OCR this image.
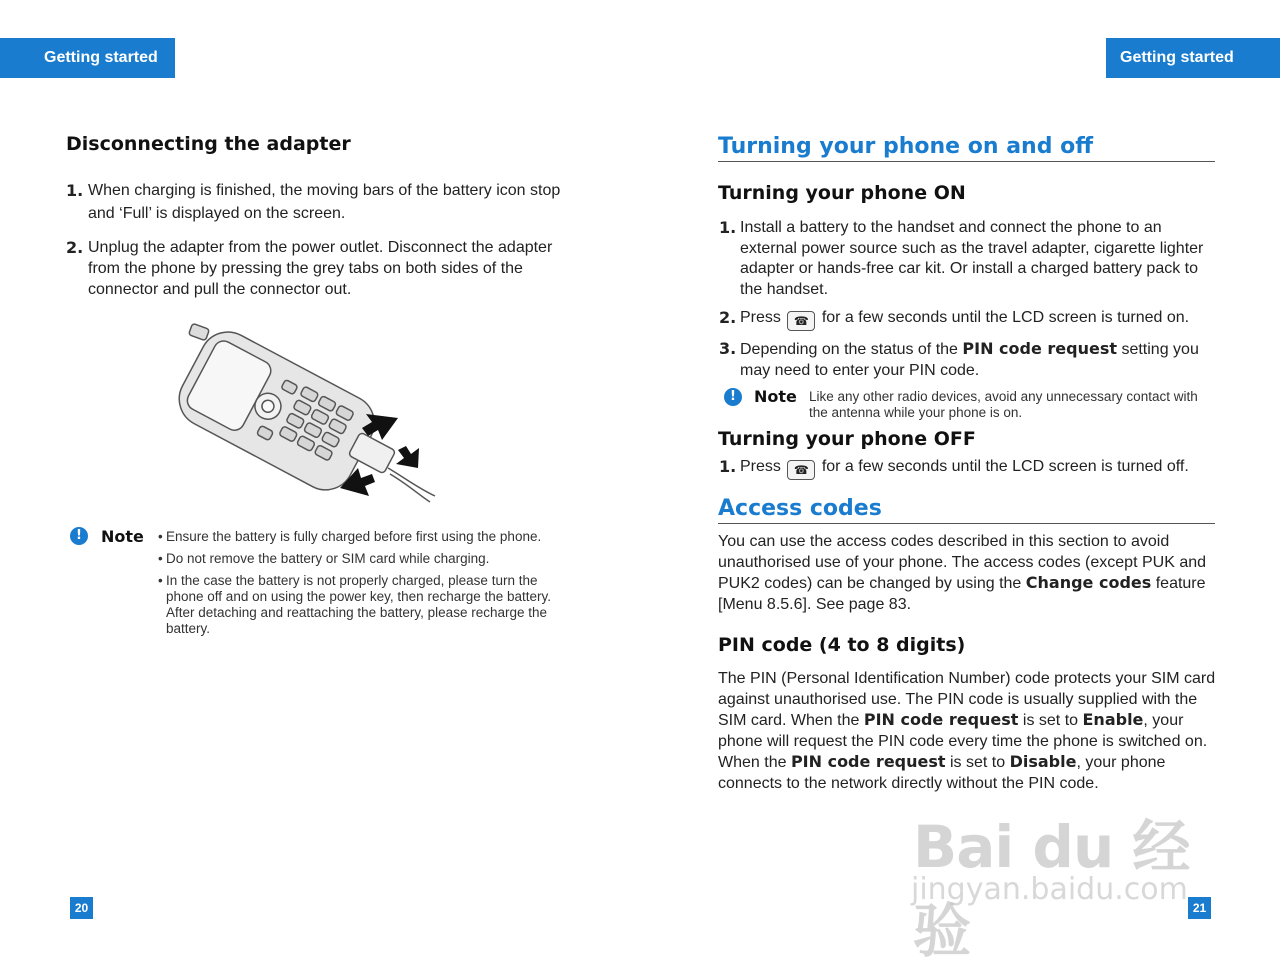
Getting started	Getting started
Disconnecting the adapter
1. When charging is finished, the moving bars of the battery icon stop and ‘Full’ is displayed on the screen.
2. Unplug the adapter from the power outlet. Disconnect the adapter from the phone by pressing the grey tabs on both sides of the connector and pull the connector out.
!	Note • Ensure the battery is fully charged before first using the phone.
• Do not remove the battery or SIM card while charging.
• In the case the battery is not properly charged, please turn the phone off and on using the power key, then recharge the battery. After detaching and reattaching the battery, please recharge the battery.
20
Turning your phone on and off
Turning your phone ON
1. Install a battery to the handset and connect the phone to an external power source such as the travel adapter, cigarette lighter adapter or hands-free car kit. Or install a charged battery pack to the handset.
2. Press ☎ for a few seconds until the LCD screen is turned on.
3. Depending on the status of the PIN code request setting you may need to enter your PIN code.
!	Note Like any other radio devices, avoid any unnecessary contact with the antenna while your phone is on.
Turning your phone OFF
1. Press ☎ for a few seconds until the LCD screen is turned off.
Access codes

You can use the access codes described in this section to avoid unauthorised use of your phone. The access codes (except PUK and PUK2 codes) can be changed by using the Change codes feature [Menu 8.5.6]. See page 83.

PIN code (4 to 8 digits)

The PIN (Personal Identification Number) code protects your SIM card against unauthorised use. The PIN code is usually supplied with the SIM card. When the PIN code request is set to Enable, your phone will request the PIN code every time the phone is switched on. When the PIN code request is set to Disable, your phone connects to the network directly without the PIN code.

21
Bai du 经验
jingyan.baidu.com
